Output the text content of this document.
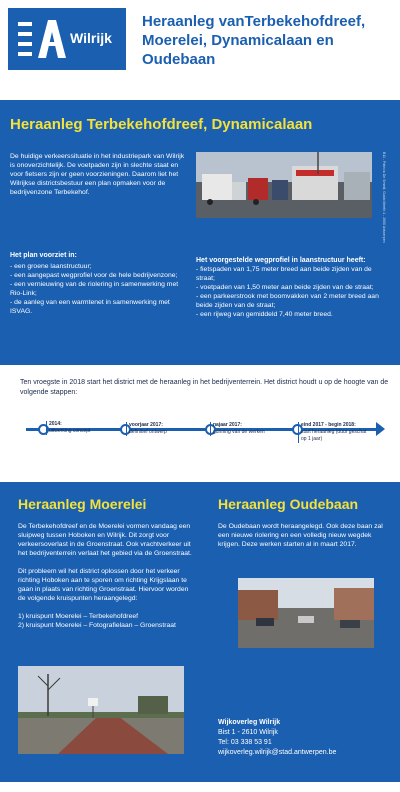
Wilrijk
Heraanleg vanTerbekehofdreef, Moerelei, Dynamicalaan en Oudebaan
Heraanleg Terbekehofdreef, Dynamicalaan
De huidige verkeerssituatie in het industriepark van Wilrijk is onoverzichtelijk. De voetpaden zijn in slechte staat en voor fietsers zijn er geen voorzieningen. Daarom liet het Wilrijkse districtsbestuur een plan opmaken voor de bedrijvenzone Terbekehof.	B11 - Patricia De Smedt, Guido Meeth 1 - 2660 Antwerpen
Het plan voorziet in:
- een groene laanstructuur;
- een aangepast wegprofiel voor de hele bedrijvenzone;
- een vernieuwing van de riolering in samenwerking met Rio-Link;
- de aanleg van een warmtenet in samenwerking met ISVAG.
Het voorgestelde wegprofiel in laanstructuur heeft:
- fietspaden van 1,75 meter breed aan beide zijden van de straat;
- voetpaden van 1,50 meter aan beide zijden van de straat;
- een parkeerstrook met boomvakken van 2 meter breed aan beide zijden van de straat;
- een rijweg van gemiddeld 7,40 meter breed.
Ten vroegste in 2018 start het district met de heraanleg in het bedrijventerrein. Het district houdt u op de hoogte van de volgende stappen:
2014:
uitwerking concept
voorjaar 2017:
definitief ontwerp
najaar 2017:
gunning van de werken
eind 2017 - begin 2018:
start heraanleg (duur geschat op 1 jaar)
Heraanleg Moerelei

De Terbekehofdreef en de Moerelei vormen vandaag een sluipweg tussen Hoboken en Wilrijk. Dit zorgt voor verkeersoverlast in de Groenstraat. Ook vrachtverkeer uit het bedrijventerrein verlaat het gebied via de Groenstraat.

Dit probleem wil het district oplossen door het verkeer richting Hoboken aan te sporen om richting Krijgslaan te gaan in plaats van richting Groenstraat. Hiervoor worden de volgende kruispunten heraangelegd:

1) kruispunt Moerelei – Terbekehofdreef
2) kruispunt Moerelei – Fotografielaan – Groenstraat
Heraanleg Oudebaan
De Oudebaan wordt heraangelegd. Ook deze baan zal een nieuwe riolering en een volledig nieuw wegdek krijgen. Deze werken starten al in maart 2017.
Wijkoverleg Wilrijk
Bist 1 - 2610 Wilrijk
Tel: 03 338 53 91
wijkoverleg.wilrijk@stad.antwerpen.be
